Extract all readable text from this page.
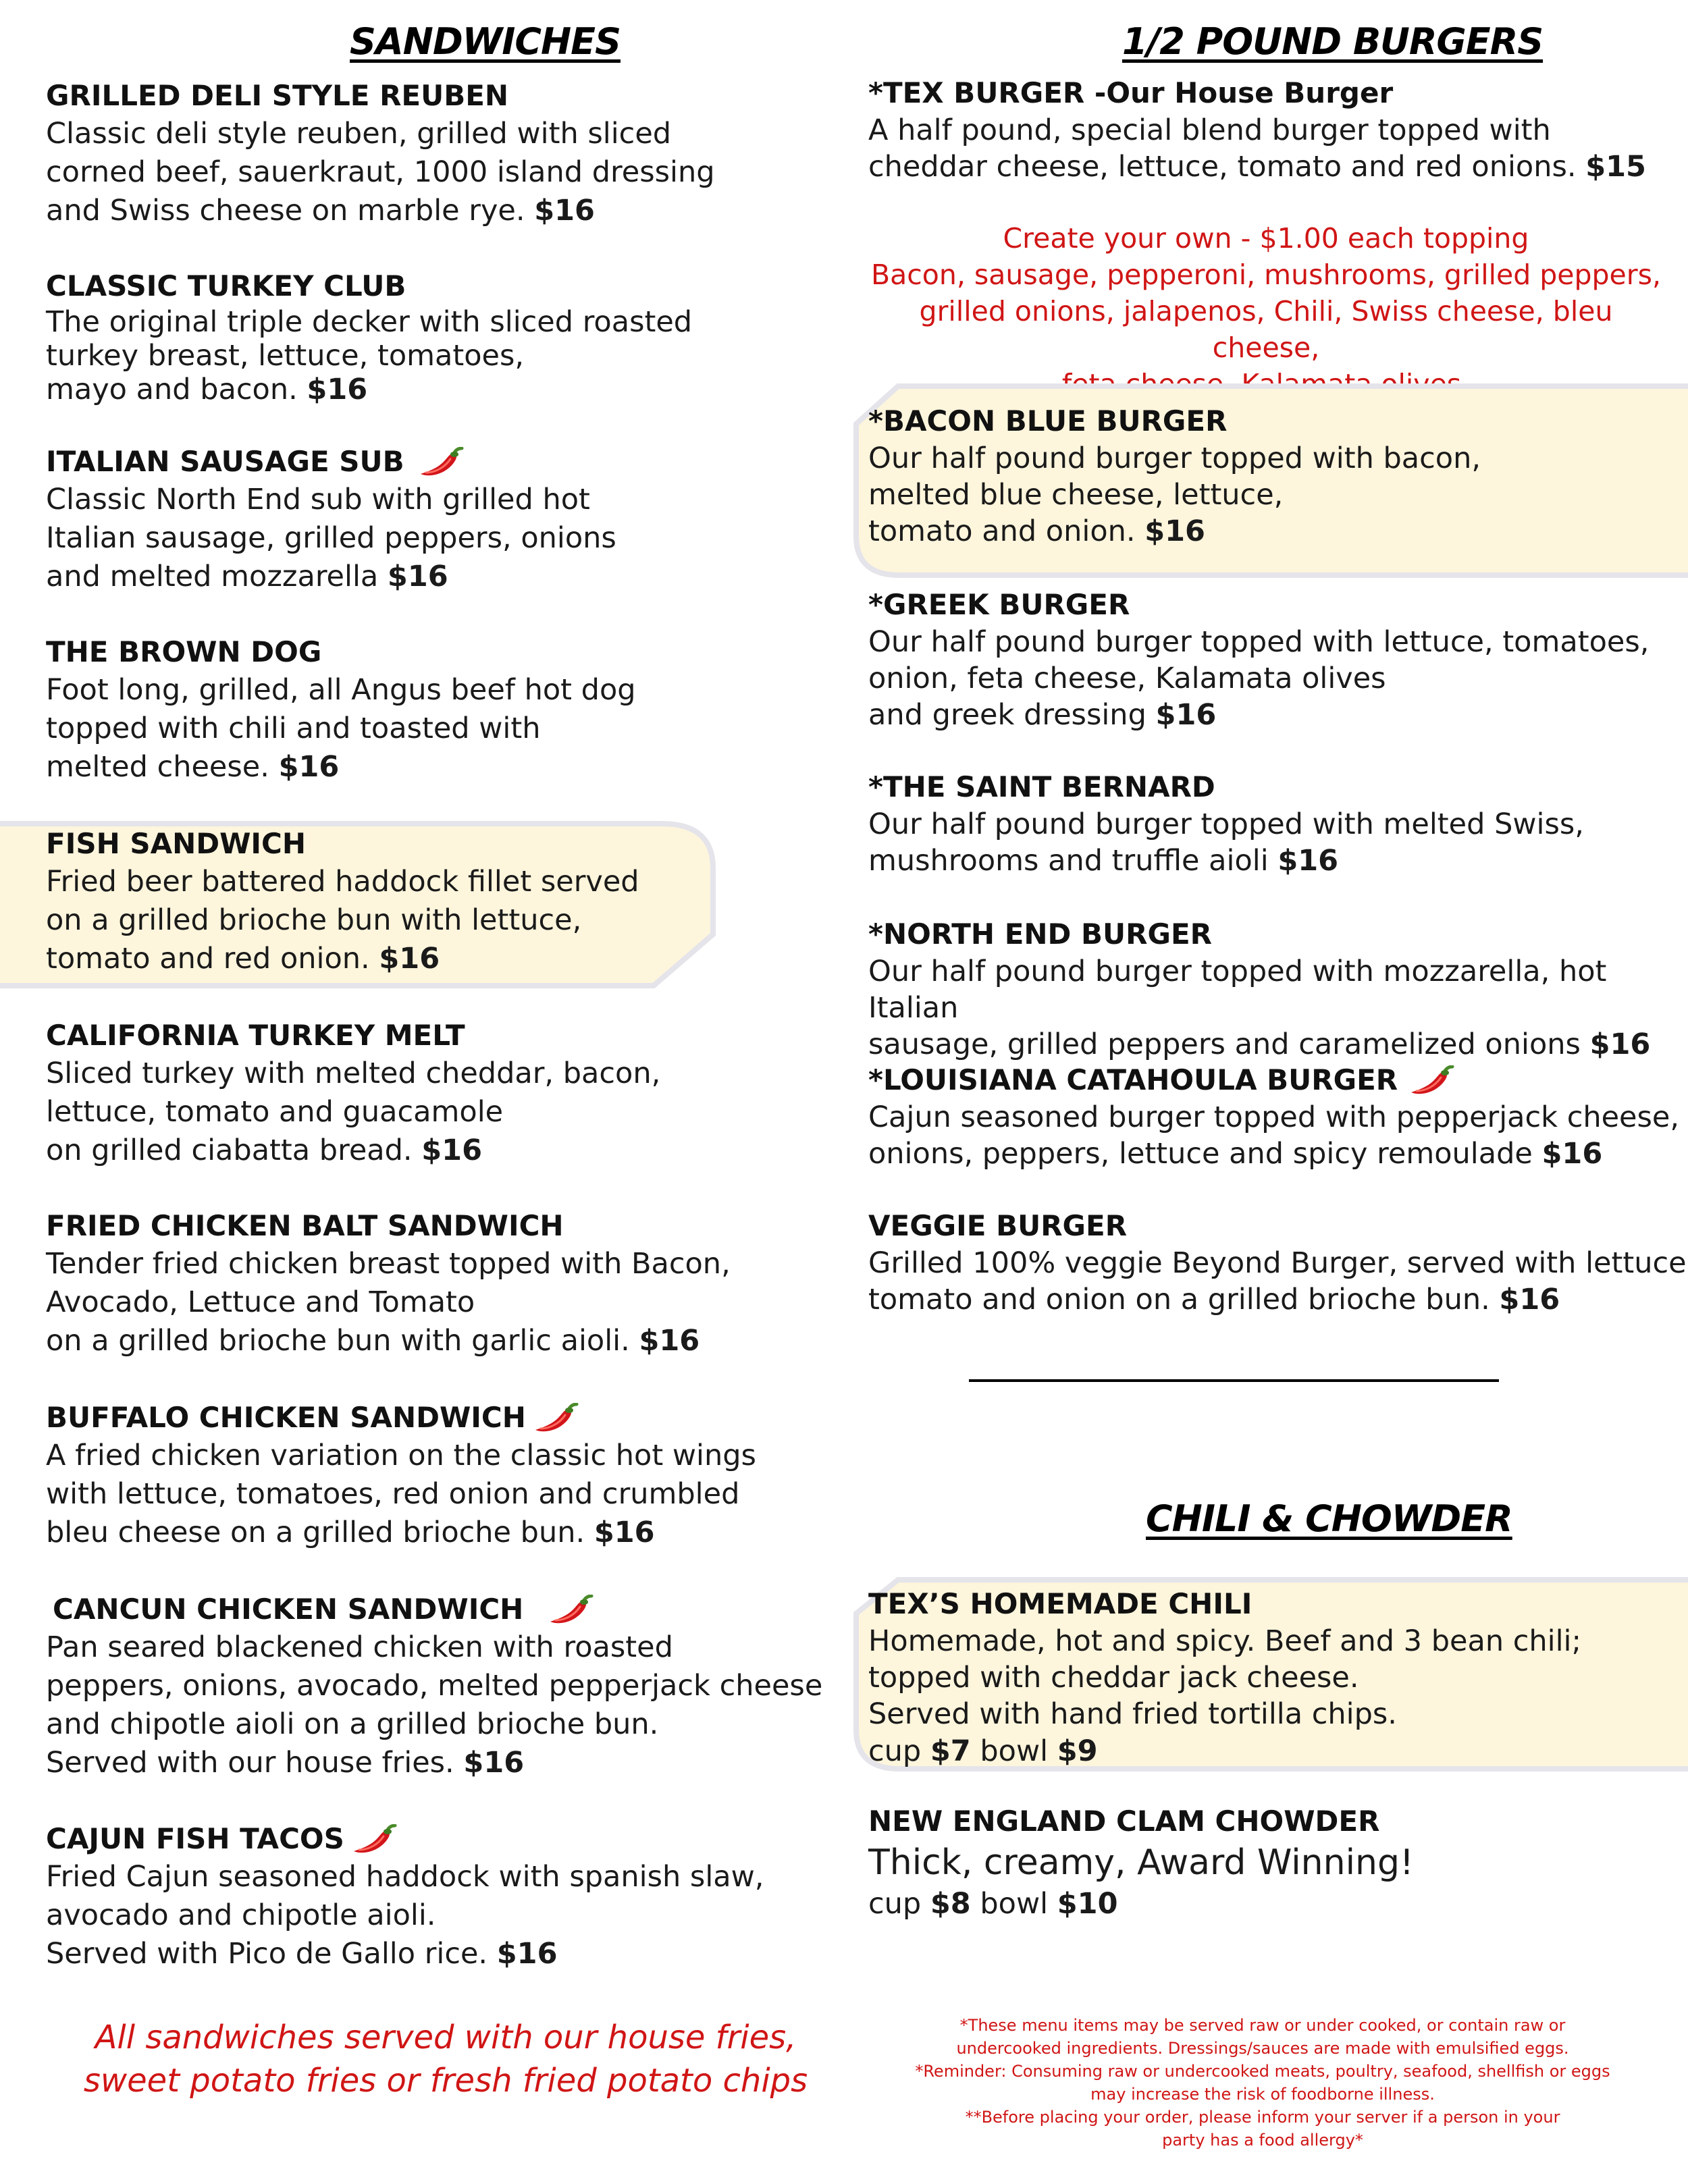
SANDWICHES
GRILLED DELI STYLE REUBEN
Classic deli style reuben, grilled with sliced
corned beef, sauerkraut, 1000 island dressing
and Swiss cheese on marble rye. $16
CLASSIC TURKEY CLUB
The original triple decker with sliced roasted
turkey breast, lettuce, tomatoes,
mayo and bacon. $16
ITALIAN SAUSAGE SUB
Classic North End sub with grilled hot
Italian sausage, grilled peppers, onions
and melted mozzarella $16
THE BROWN DOG
Foot long, grilled, all Angus beef hot dog
topped with chili and toasted with
melted cheese. $16
FISH SANDWICH
Fried beer battered haddock fillet served
on a grilled brioche bun with lettuce,
tomato and red onion. $16
CALIFORNIA TURKEY MELT
Sliced turkey with melted cheddar, bacon,
lettuce, tomato and guacamole
on grilled ciabatta bread. $16
FRIED CHICKEN BALT SANDWICH
Tender fried chicken breast topped with Bacon,
Avocado, Lettuce and Tomato
on a grilled brioche bun with garlic aioli. $16
BUFFALO CHICKEN SANDWICH
A fried chicken variation on the classic hot wings
with lettuce, tomatoes, red onion and crumbled
bleu cheese on a grilled brioche bun. $16
CANCUN CHICKEN SANDWICH
Pan seared blackened chicken with roasted
peppers, onions, avocado, melted pepperjack cheese
and chipotle aioli on a grilled brioche bun.
Served with our house fries. $16
CAJUN FISH TACOS
Fried Cajun seasoned haddock with spanish slaw,
avocado and chipotle aioli.
Served with Pico de Gallo rice. $16
All sandwiches served with our house fries, sweet potato fries or fresh fried potato chips
1/2 POUND BURGERS
*TEX BURGER -Our House Burger
A half pound, special blend burger topped with
cheddar cheese, lettuce, tomato and red onions. $15
Create your own - $1.00 each topping
Bacon, sausage, pepperoni, mushrooms, grilled peppers,
grilled onions, jalapenos, Chili, Swiss cheese, bleu cheese,

*BACON BLUE BURGER
Our half pound burger topped with bacon,
melted blue cheese, lettuce,
tomato and onion. $16
*GREEK BURGER
Our half pound burger topped with lettuce, tomatoes,
onion, feta cheese, Kalamata olives
and greek dressing $16
*THE SAINT BERNARD
Our half pound burger topped with melted Swiss,
mushrooms and truffle aioli $16
*NORTH END BURGER
Our half pound burger topped with mozzarella, hot Italian
sausage, grilled peppers and caramelized onions $16
*LOUISIANA CATAHOULA BURGER
Cajun seasoned burger topped with pepperjack cheese,
onions, peppers, lettuce and spicy remoulade $16
VEGGIE BURGER
Grilled 100% veggie Beyond Burger, served with lettuce
tomato and onion on a grilled brioche bun. $16
CHILI & CHOWDER
TEX’S HOMEMADE CHILI
Homemade, hot and spicy. Beef and 3 bean chili;
topped with cheddar jack cheese.
Served with hand fried tortilla chips.
cup $7 bowl $9
NEW ENGLAND CLAM CHOWDER
Thick, creamy, Award Winning!
cup $8 bowl $10
*These menu items may be served raw or under cooked, or contain raw or
undercooked ingredients. Dressings/sauces are made with emulsified eggs.
*Reminder: Consuming raw or undercooked meats, poultry, seafood, shellfish or eggs
may increase the risk of foodborne illness.
**Before placing your order, please inform your server if a person in your
party has a food allergy*
